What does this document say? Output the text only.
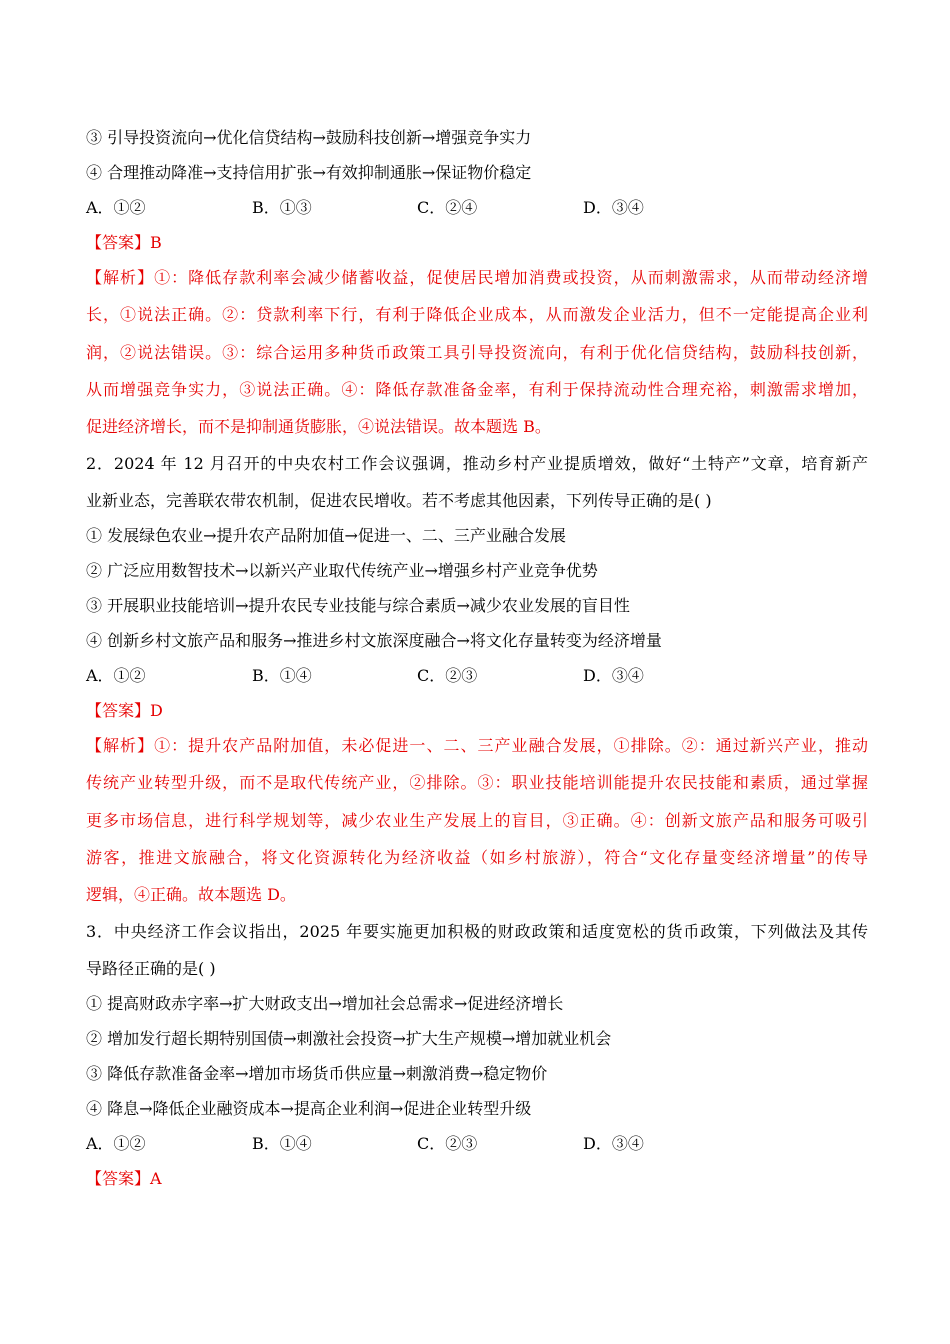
③ 引导投资流向→优化信贷结构→鼓励科技创新→增强竞争实力
④ 合理推动降准→支持信用扩张→有效抑制通胀→保证物价稳定
A．①②	B．①③	C．②④	D．③④
【答案】B
【解析】①：降低存款利率会减少储蓄收益，促使居民增加消费或投资，从而刺激需求，从而带动经济增
长，①说法正确。②：贷款利率下行，有利于降低企业成本，从而激发企业活力，但不一定能提高企业利
润，②说法错误。③：综合运用多种货币政策工具引导投资流向，有利于优化信贷结构，鼓励科技创新，
从而增强竞争实力，③说法正确。④：降低存款准备金率，有利于保持流动性合理充裕，刺激需求增加，
促进经济增长，而不是抑制通货膨胀，④说法错误。故本题选 B。
2．2024 年 12 月召开的中央农村工作会议强调，推动乡村产业提质增效，做好“土特产”文章，培育新产
业新业态，完善联农带农机制，促进农民增收。若不考虑其他因素，下列传导正确的是( )
① 发展绿色农业→提升农产品附加值→促进一、二、三产业融合发展
② 广泛应用数智技术→以新兴产业取代传统产业→增强乡村产业竞争优势
③ 开展职业技能培训→提升农民专业技能与综合素质→减少农业发展的盲目性
④ 创新乡村文旅产品和服务→推进乡村文旅深度融合→将文化存量转变为经济增量
A．①②	B．①④	C．②③	D．③④
【答案】D
【解析】①：提升农产品附加值，未必促进一、二、三产业融合发展，①排除。②：通过新兴产业，推动
传统产业转型升级，而不是取代传统产业，②排除。③：职业技能培训能提升农民技能和素质，通过掌握
更多市场信息，进行科学规划等，减少农业生产发展上的盲目，③正确。④：创新文旅产品和服务可吸引
游客，推进文旅融合，将文化资源转化为经济收益（如乡村旅游），符合“文化存量变经济增量”的传导
逻辑，④正确。故本题选 D。
3．中央经济工作会议指出，2025 年要实施更加积极的财政政策和适度宽松的货币政策，下列做法及其传
导路径正确的是( )
① 提高财政赤字率→扩大财政支出→增加社会总需求→促进经济增长
② 增加发行超长期特别国债→刺激社会投资→扩大生产规模→增加就业机会
③ 降低存款准备金率→增加市场货币供应量→刺激消费→稳定物价
④ 降息→降低企业融资成本→提高企业利润→促进企业转型升级
A．①②	B．①④	C．②③	D．③④
【答案】A
